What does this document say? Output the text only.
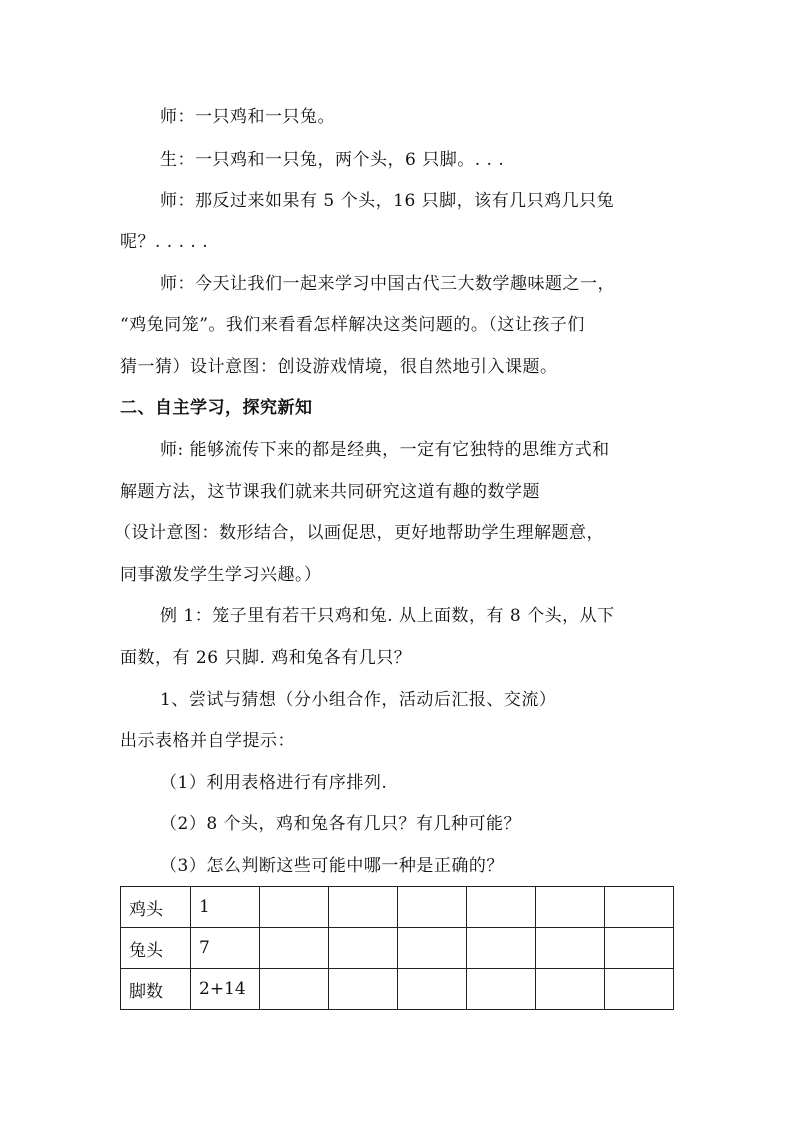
师：一只鸡和一只兔。
生：一只鸡和一只兔，两个头，6 只脚。. . .
师：那反过来如果有 5 个头，16 只脚，该有几只鸡几只兔
呢？. . . . .
师：今天让我们一起来学习中国古代三大数学趣味题之一，
“鸡兔同笼”。我们来看看怎样解决这类问题的。（这让孩子们
猜一猜）设计意图：创设游戏情境，很自然地引入课题。
二、自主学习，探究新知
师: 能够流传下来的都是经典，一定有它独特的思维方式和
解题方法，这节课我们就来共同研究这道有趣的数学题
（设计意图：数形结合，以画促思，更好地帮助学生理解题意，
同事激发学生学习兴趣。）
例 1：笼子里有若干只鸡和兔. 从上面数，有 8 个头，从下
面数，有 26 只脚. 鸡和兔各有几只？
1、尝试与猜想（分小组合作，活动后汇报、交流）
出示表格并自学提示：
（1）利用表格进行有序排列.
（2）8 个头，鸡和兔各有几只？有几种可能？
（3）怎么判断这些可能中哪一种是正确的？
鸡头	1						
兔头	7						
脚数	2+14						
